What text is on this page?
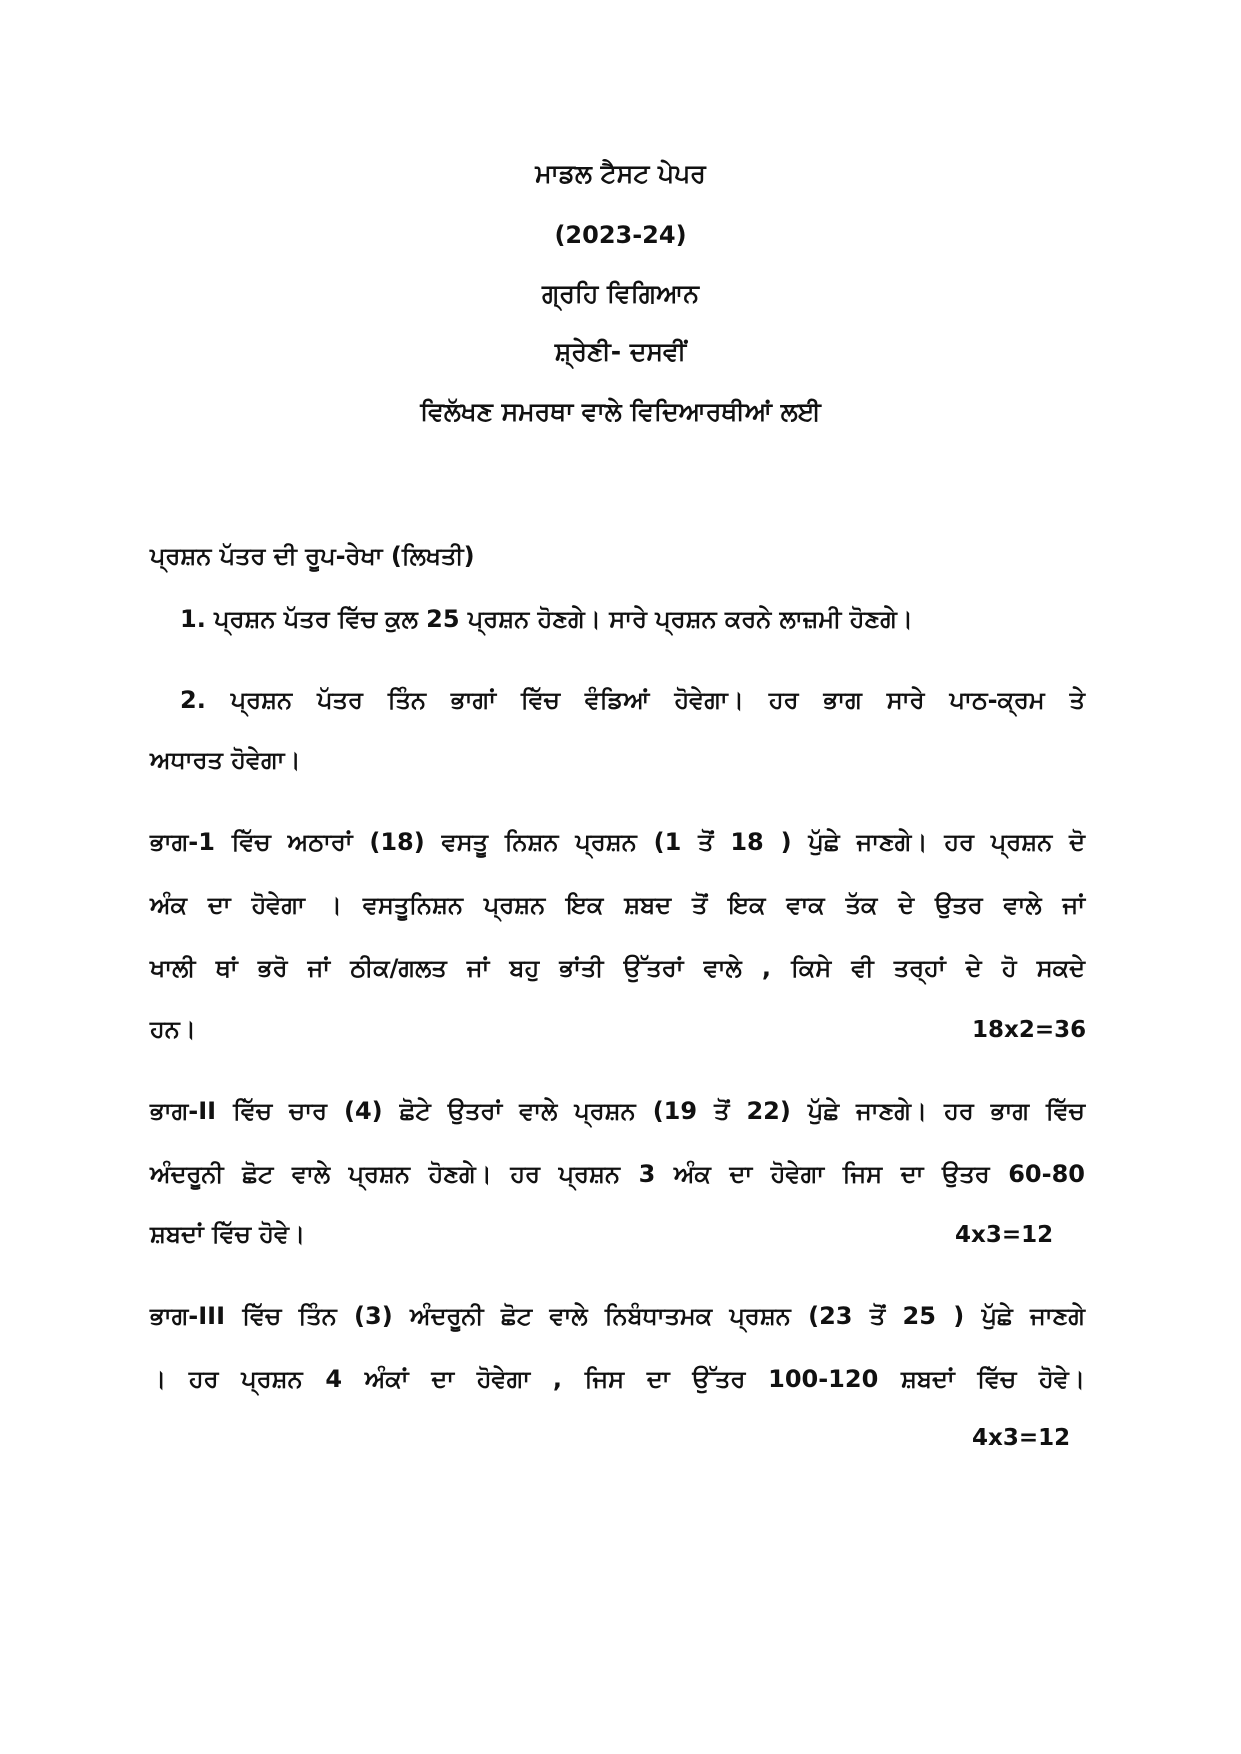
ਮਾਡਲ ਟੈਸਟ ਪੇਪਰ
(2023-24)
ਗ੍ਰਹਿ ਵਿਗਿਆਨ
ਸ਼੍ਰੇਣੀ- ਦਸਵੀਂ
ਵਿਲੱਖਣ ਸਮਰਥਾ ਵਾਲੇ ਵਿਦਿਆਰਥੀਆਂ ਲਈ
ਪ੍ਰਸ਼ਨ ਪੱਤਰ ਦੀ ਰੂਪ-ਰੇਖਾ (ਲਿਖਤੀ)
1. ਪ੍ਰਸ਼ਨ ਪੱਤਰ ਵਿੱਚ ਕੁਲ 25 ਪ੍ਰਸ਼ਨ ਹੋਣਗੇ। ਸਾਰੇ ਪ੍ਰਸ਼ਨ ਕਰਨੇ ਲਾਜ਼ਮੀ ਹੋਣਗੇ।
2. ਪ੍ਰਸ਼ਨ ਪੱਤਰ ਤਿੰਨ ਭਾਗਾਂ ਵਿੱਚ ਵੰਡਿਆਂ ਹੋਵੇਗਾ। ਹਰ ਭਾਗ ਸਾਰੇ ਪਾਠ-ਕ੍ਰਮ ਤੇ
ਅਧਾਰਤ ਹੋਵੇਗਾ।
ਭਾਗ-1 ਵਿੱਚ ਅਠਾਰਾਂ (18) ਵਸਤੂ ਨਿਸ਼ਨ ਪ੍ਰਸ਼ਨ (1 ਤੋਂ 18 ) ਪੁੱਛੇ ਜਾਣਗੇ। ਹਰ ਪ੍ਰਸ਼ਨ ਦੋ
ਅੰਕ ਦਾ ਹੋਵੇਗਾ । ਵਸਤੂਨਿਸ਼ਨ ਪ੍ਰਸ਼ਨ ਇਕ ਸ਼ਬਦ ਤੋਂ ਇਕ ਵਾਕ ਤੱਕ ਦੇ ਉਤਰ ਵਾਲੇ ਜਾਂ
ਖਾਲੀ ਥਾਂ ਭਰੋ ਜਾਂ ਠੀਕ/ਗਲਤ ਜਾਂ ਬਹੁ ਭਾਂਤੀ ਉੱਤਰਾਂ ਵਾਲੇ , ਕਿਸੇ ਵੀ ਤਰ੍ਹਾਂ ਦੇ ਹੋ ਸਕਦੇ
ਹਨ।	18x2=36
ਭਾਗ-II ਵਿੱਚ ਚਾਰ (4) ਛੋਟੇ ਉਤਰਾਂ ਵਾਲੇ ਪ੍ਰਸ਼ਨ (19 ਤੋਂ 22) ਪੁੱਛੇ ਜਾਣਗੇ। ਹਰ ਭਾਗ ਵਿੱਚ
ਅੰਦਰੂਨੀ ਛੋਟ ਵਾਲੇ ਪ੍ਰਸ਼ਨ ਹੋਣਗੇ। ਹਰ ਪ੍ਰਸ਼ਨ 3 ਅੰਕ ਦਾ ਹੋਵੇਗਾ ਜਿਸ ਦਾ ਉਤਰ 60-80
ਸ਼ਬਦਾਂ ਵਿੱਚ ਹੋਵੇ।	4x3=12
ਭਾਗ-III ਵਿੱਚ ਤਿੰਨ (3) ਅੰਦਰੂਨੀ ਛੋਟ ਵਾਲੇ ਨਿਬੰਧਾਤਮਕ ਪ੍ਰਸ਼ਨ (23 ਤੋਂ 25 ) ਪੁੱਛੇ ਜਾਣਗੇ
। ਹਰ ਪ੍ਰਸ਼ਨ 4 ਅੰਕਾਂ ਦਾ ਹੋਵੇਗਾ , ਜਿਸ ਦਾ ਉੱਤਰ 100-120 ਸ਼ਬਦਾਂ ਵਿੱਚ ਹੋਵੇ।
4x3=12
